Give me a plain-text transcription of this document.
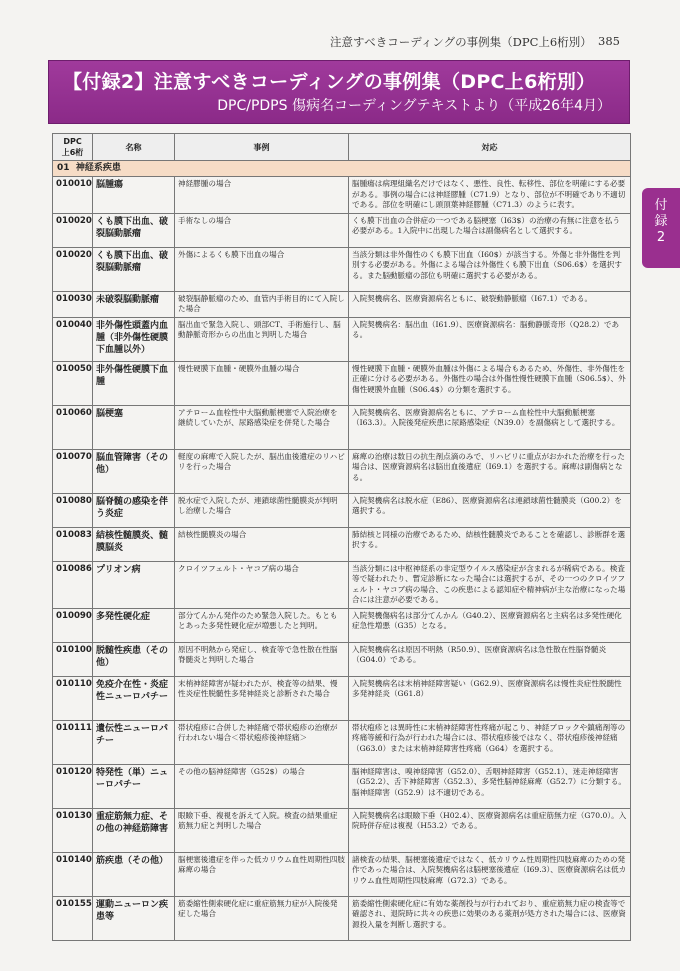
注意すべきコーディングの事例集（DPC上6桁別） 385
【付録2】注意すべきコーディングの事例集（DPC上6桁別）
DPC/PDPS 傷病名コーディングテキストより（平成26年4月）
付
録
2
DPC
上6桁	名称	事例	対応
01 神経系疾患			
010010	脳腫瘍	神経膠腫の場合	脳腫瘍は病理組織名だけではなく、悪性、良性、転移性、部位を明確にする必要がある。事例の場合には神経膠腫（C71.9）となり、部位が不明確であり不適切である。部位を明確にし頭頂葉神経膠腫（C71.3）のように表す。
010020	くも膜下出血、破裂脳動脈瘤	手術なしの場合	くも膜下出血の合併症の一つである脳梗塞（I63$）の治療の有無に注意を払う必要がある。1入院中に出現した場合は副傷病名として選択する。
010020	くも膜下出血、破裂脳動脈瘤	外傷によるくも膜下出血の場合	当該分類は非外傷性のくも膜下出血（I60$）が該当する。外傷と非外傷性を判別する必要がある。外傷による場合は外傷性くも膜下出血（S06.6$）を選択する。また脳動脈瘤の部位も明確に選択する必要がある。
010030	未破裂脳動脈瘤	破裂脳静脈瘤のため、血管内手術目的にて入院した場合	入院契機病名、医療資源病名ともに、破裂動静脈瘤（I67.1）である。
010040	非外傷性頭蓋内血腫（非外傷性硬膜下血腫以外）	脳出血で緊急入院し、頭部CT、手術施行し、脳動静脈奇形からの出血と判明した場合	入院契機病名：脳出血（I61.9）、医療資源病名：脳動静脈奇形（Q28.2）である。
010050	非外傷性硬膜下血腫	慢性硬膜下血腫・硬膜外血腫の場合	慢性硬膜下血腫・硬膜外血腫は外傷による場合もあるため、外傷性、非外傷性を正確に分ける必要がある。外傷性の場合は外傷性慢性硬膜下血腫（S06.5$）、外傷性硬膜外血腫（S06.4$）の分類を選択する。
010060	脳梗塞	アテローム血栓性中大脳動脈梗塞で入院治療を継続していたが、尿路感染症を併発した場合	入院契機病名、医療資源病名ともに、アテローム血栓性中大脳動脈梗塞（I63.3）。入院後発症疾患に尿路感染症（N39.0）を副傷病として選択する。
010070	脳血管障害（その他）	軽度の麻痺で入院したが、脳出血後遺症のリハビリを行った場合	麻痺の治療は数日の抗生剤点滴のみで、リハビリに重点がおかれた治療を行った場合は、医療資源病名は脳出血後遺症（I69.1）を選択する。麻痺は副傷病となる。
010080	脳脊髄の感染を伴う炎症	脱水症で入院したが、連鎖球菌性髄膜炎が判明し治療した場合	入院契機病名は脱水症（E86）、医療資源病名は連鎖球菌性髄膜炎（G00.2）を選択する。
010083	結核性髄膜炎、髄膜脳炎	結核性髄膜炎の場合	肺結核と同様の治療であるため、結核性髄膜炎であることを確認し、診断群を選択する。
010086	プリオン病	クロイツフェルト・ヤコブ病の場合	当該分類には中枢神経系の非定型ウイルス感染症が含まれるが稀病である。検査等で疑われたり、暫定診断になった場合には選択するが、その一つのクロイツフェルト・ヤコブ病の場合、この疾患による認知症や精神病が主な治療になった場合には注意が必要である。
010090	多発性硬化症	部分てんかん発作のため緊急入院した。もともとあった多発性硬化症が増悪したと判明。	入院契機傷病名は部分てんかん（G40.2）、医療資源病名と主病名は多発性硬化症急性増悪（G35）となる。
010100	脱髄性疾患（その他）	原因不明熱から発症し、検査等で急性散在性脳脊髄炎と判明した場合	入院契機病名は原因不明熱（R50.9）、医療資源病名は急性散在性脳脊髄炎（G04.0）である。
010110	免疫介在性・炎症性ニューロパチー	末梢神経障害が疑われたが、検査等の結果、慢性炎症性脱髄性多発神経炎と診断された場合	入院契機病名は末梢神経障害疑い（G62.9）、医療資源病名は慢性炎症性脱髄性多発神経炎（G61.8）
010111	遺伝性ニューロパチー	帯状疱疹に合併した神経痛で帯状疱疹の治療が行われない場合＜帯状疱疹後神経痛＞	帯状疱疹とは異時性に末梢神経障害性疼痛が起こり、神経ブロックや鎮痛剤等の疼痛等緩和行為が行われた場合には、帯状疱疹後ではなく、帯状疱疹後神経痛（G63.0）または末梢神経障害性疼痛（G64）を選択する。
010120	特発性（単）ニューロパチー	その他の脳神経障害（G52$）の場合	脳神経障害は、嗅神経障害（G52.0）、舌咽神経障害（G52.1）、迷走神経障害（G52.2）、舌下神経障害（G52.3）、多発性脳神経麻痺（G52.7）に分類する。脳神経障害（G52.9）は不適切である。
010130	重症筋無力症、その他の神経筋障害	眼瞼下垂、複視を訴えて入院。検査の結果重症筋無力症と判明した場合	入院契機病名は眼瞼下垂（H02.4）、医療資源病名は重症筋無力症（G70.0）。入院時併存症は複視（H53.2）である。
010140	筋疾患（その他）	脳梗塞後遺症を伴った低カリウム血性周期性四肢麻痺の場合	諸検査の結果、脳梗塞後遺症ではなく、低カリウム性周期性四肢麻痺のための発作であった場合は、入院契機病名は脳梗塞後遺症（I69.3）、医療資源病名は低カリウム血性周期性四肢麻痺（G72.3）である。
010155	運動ニューロン疾患等	筋委縮性側索硬化症に重症筋無力症が入院後発症した場合	筋委縮性側索硬化症に有効な薬剤投与が行われており、重症筋無力症の検査等で確認され、退院時に共々の疾患に効果のある薬剤が処方された場合には、医療資源投入量を判断し選択する。
